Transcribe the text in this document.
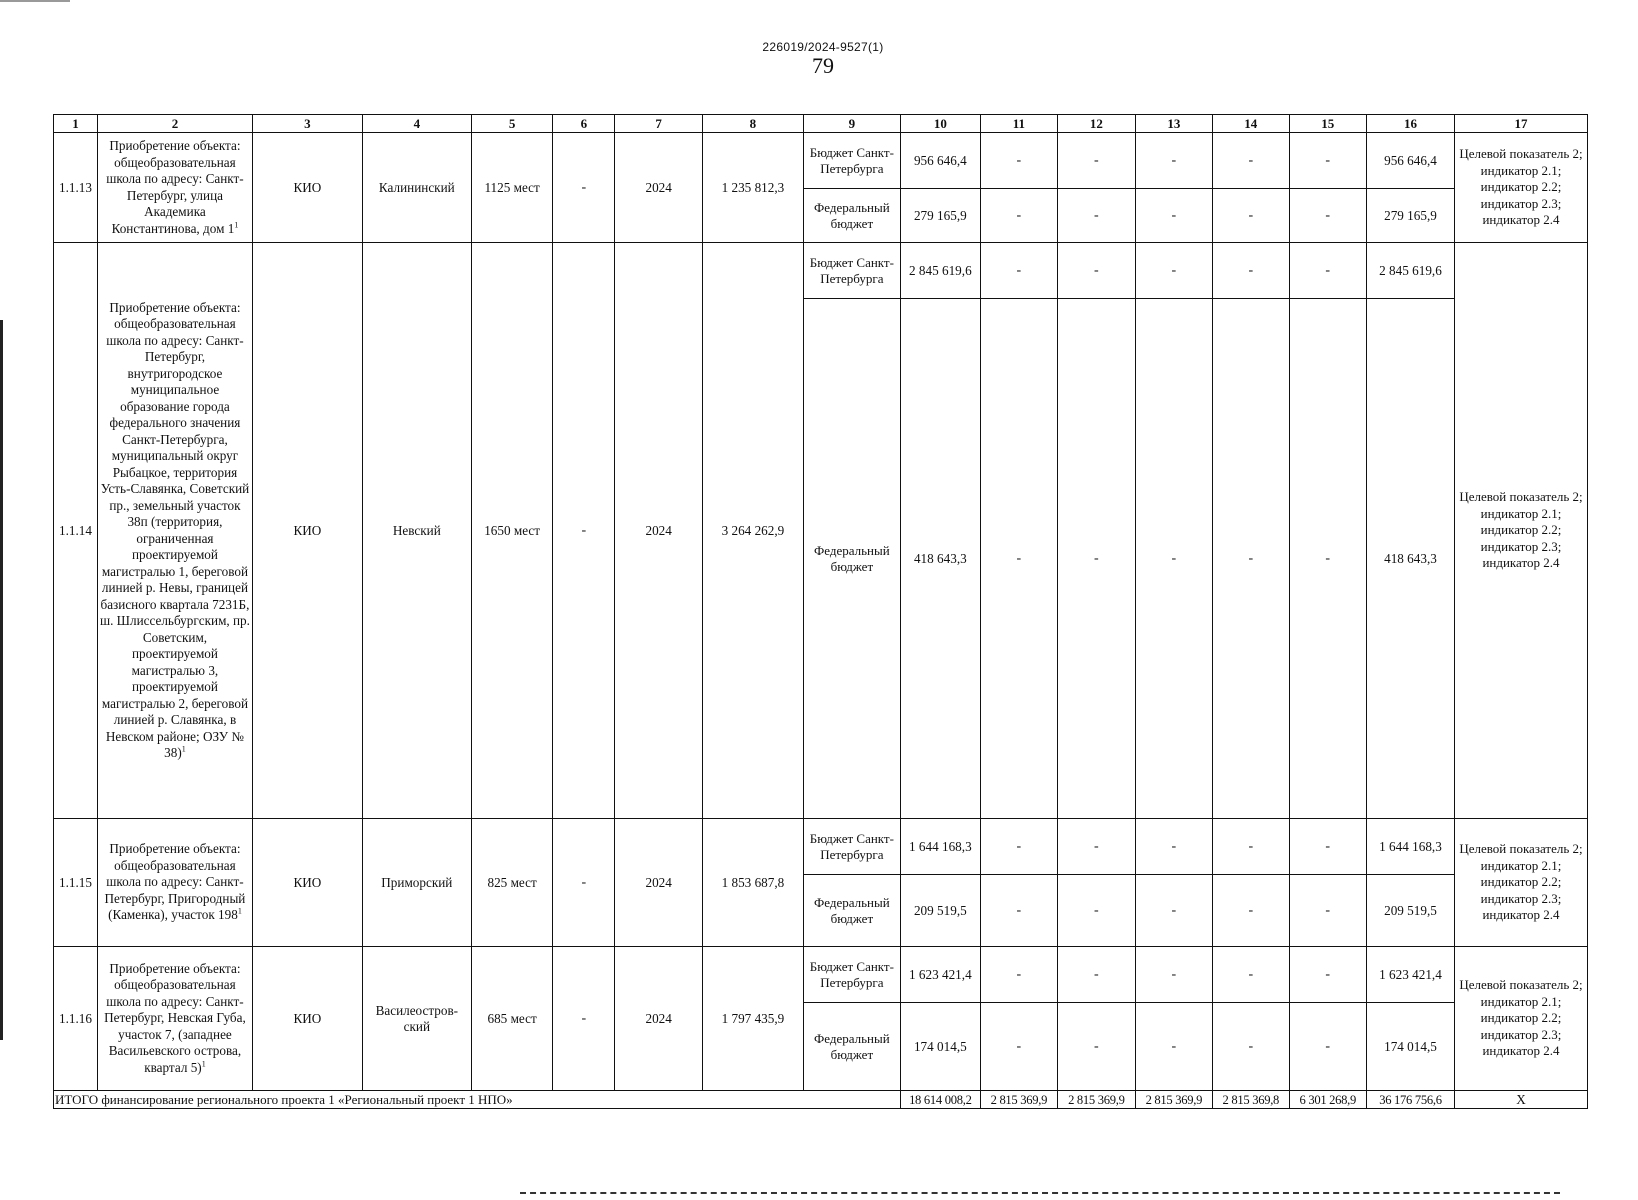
226019/2024-9527(1)
79
1	2	3	4	5	6	7	8	9	10	11	12	13	14	15	16	17
1.1.13	Приобретение объекта: общеобразовательная школа по адресу: Санкт-Петербург, улица Академика Константинова, дом $1^1$	КИО	Калининский	1125 мест	-	2024	1 235 812,3	Бюджет Санкт-Петербурга	956 646,4	-	-	-	-	-	956 646,4	Целевой показатель 2; индикатор 2.1; индикатор 2.2; индикатор 2.3; индикатор 2.4
								Федеральный бюджет	279 165,9	-	-	-	-	-	279 165,9	
1.1.14	Приобретение объекта: общеобразовательная школа по адресу: Санкт-Петербург, внутригородское муниципальное образование города федерального значения Санкт-Петербурга, муниципальный округ Рыбацкое, территория Усть-Славянка, Советский пр., земельный участок 38п (территория, ограниченная проектируемой магистралью 1, береговой линией р. Невы, границей базисного квартала 7231Б, ш. Шлиссельбургским, пр. Советским, проектируемой магистралью 3, проектируемой магистралью 2, береговой линией р. Славянка, в Невском районе; ОЗУ № 38)$^1$	КИО	Невский	1650 мест	-	2024	3 264 262,9	Бюджет Санкт-Петербурга	2 845 619,6	-	-	-	-	-	2 845 619,6	Целевой показатель 2; индикатор 2.1; индикатор 2.2; индикатор 2.3; индикатор 2.4
								Федеральный бюджет	418 643,3	-	-	-	-	-	418 643,3	
1.1.15	Приобретение объекта: общеобразовательная школа по адресу: Санкт-Петербург, Пригородный (Каменка), участок $198^1$	КИО	Приморский	825 мест	-	2024	1 853 687,8	Бюджет Санкт-Петербурга	1 644 168,3	-	-	-	-	-	1 644 168,3	Целевой показатель 2; индикатор 2.1; индикатор 2.2; индикатор 2.3; индикатор 2.4
								Федеральный бюджет	209 519,5	-	-	-	-	-	209 519,5	
1.1.16	Приобретение объекта: общеобразовательная школа по адресу: Санкт-Петербург, Невская Губа, участок 7, (западнее Васильевского острова, квартал 5)$^1$	КИО	Василеостров-ский	685 мест	-	2024	1 797 435,9	Бюджет Санкт-Петербурга	1 623 421,4	-	-	-	-	-	1 623 421,4	Целевой показатель 2; индикатор 2.1; индикатор 2.2; индикатор 2.3; индикатор 2.4
								Федеральный бюджет	174 014,5	-	-	-	-	-	174 014,5	
ИТОГО финансирование регионального проекта 1 «Региональный проект 1 НПО»									18 614 008,2	2 815 369,9	2 815 369,9	2 815 369,9	2 815 369,8	6 301 268,9	36 176 756,6	Х
